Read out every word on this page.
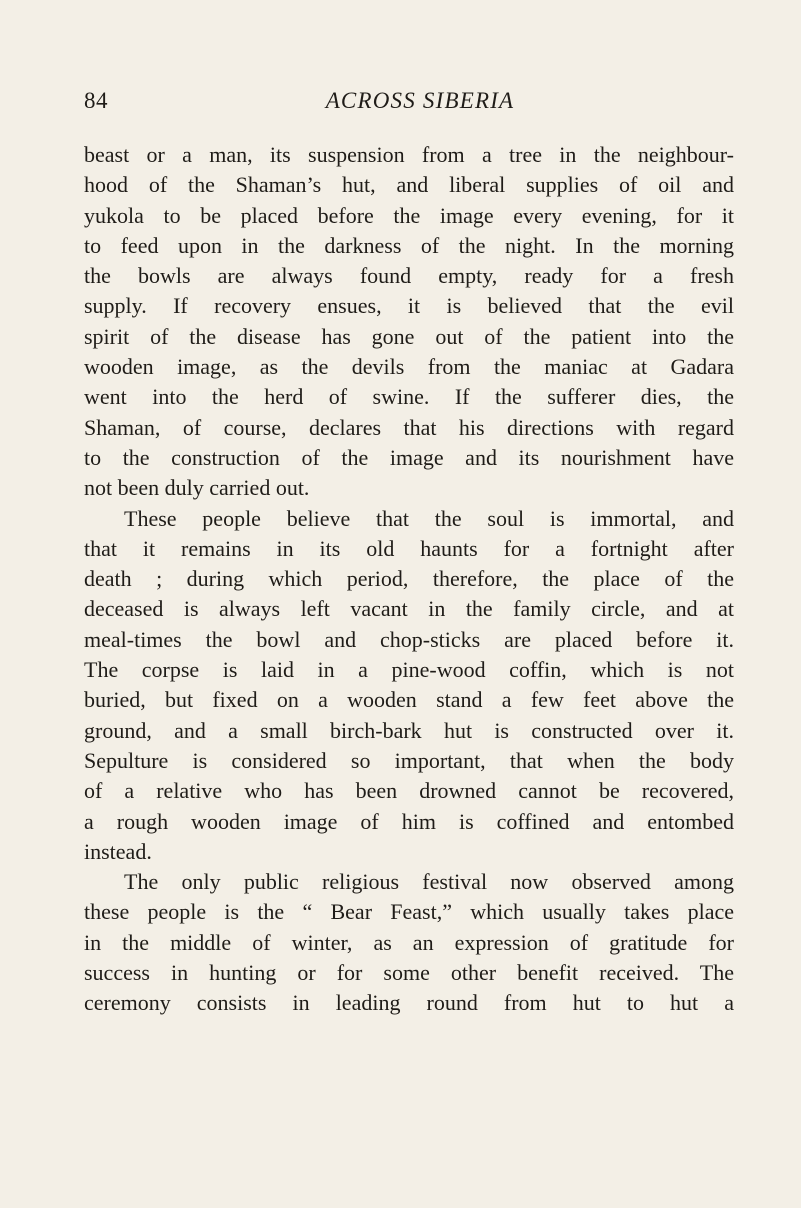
84	ACROSS SIBERIA
beast or a man, its suspension from a tree in the neighbour-
hood of the Shaman’s hut, and liberal supplies of oil and
yukola to be placed before the image every evening, for it
to feed upon in the darkness of the night. In the morning
the bowls are always found empty, ready for a fresh
supply. If recovery ensues, it is believed that the evil
spirit of the disease has gone out of the patient into the
wooden image, as the devils from the maniac at Gadara
went into the herd of swine. If the sufferer dies, the
Shaman, of course, declares that his directions with regard
to the construction of the image and its nourishment have
not been duly carried out.
These people believe that the soul is immortal, and
that it remains in its old haunts for a fortnight after
death ; during which period, therefore, the place of the
deceased is always left vacant in the family circle, and at
meal-times the bowl and chop-sticks are placed before it.
The corpse is laid in a pine-wood coffin, which is not
buried, but fixed on a wooden stand a few feet above the
ground, and a small birch-bark hut is constructed over it.
Sepulture is considered so important, that when the body
of a relative who has been drowned cannot be recovered,
a rough wooden image of him is coffined and entombed
instead.
The only public religious festival now observed among
these people is the “ Bear Feast,” which usually takes place
in the middle of winter, as an expression of gratitude for
success in hunting or for some other benefit received. The
ceremony consists in leading round from hut to hut a
